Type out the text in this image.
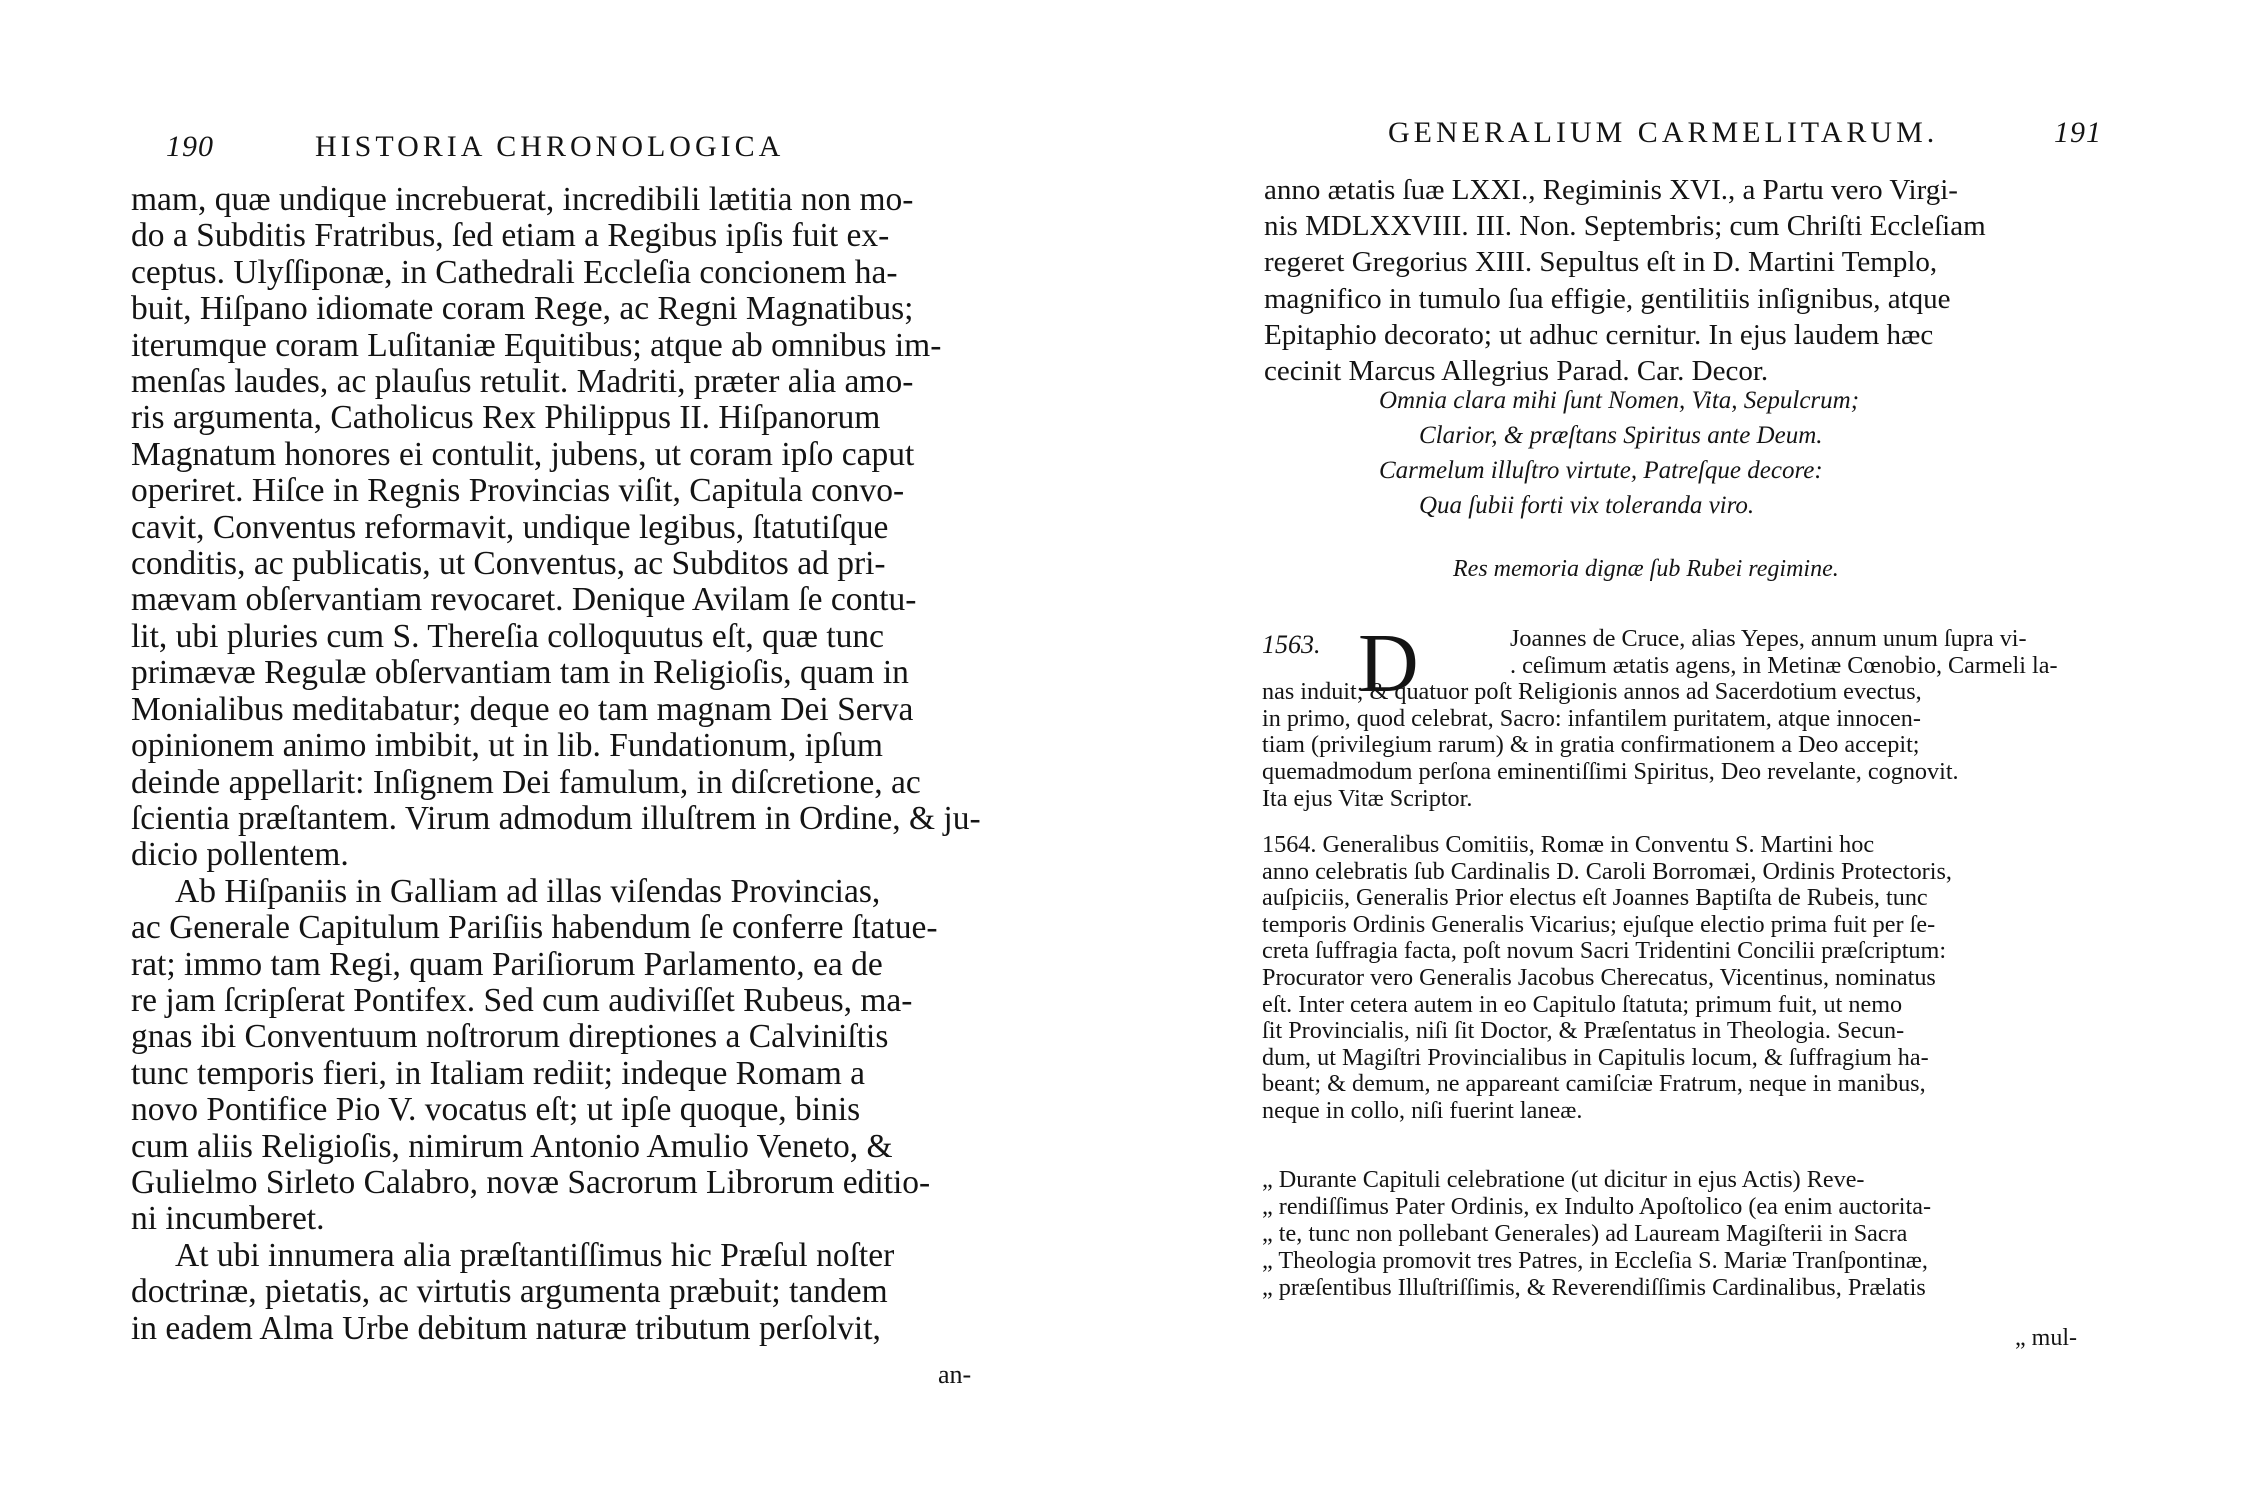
190	HISTORIA CHRONOLOGICA
mam, quæ undique increbuerat, incredibili lætitia non mo-
do a Subditis Fratribus, ſed etiam a Regibus ipſis fuit ex-
ceptus. Ulyſſiponæ, in Cathedrali Eccleſia concionem ha-
buit, Hiſpano idiomate coram Rege, ac Regni Magnatibus;
iterumque coram Luſitaniæ Equitibus; atque ab omnibus im-
menſas laudes, ac plauſus retulit. Madriti, præter alia amo-
ris argumenta, Catholicus Rex Philippus II. Hiſpanorum
Magnatum honores ei contulit, jubens, ut coram ipſo caput
operiret. Hiſce in Regnis Provincias viſit, Capitula convo-
cavit, Conventus reformavit, undique legibus, ſtatutiſque
conditis, ac publicatis, ut Conventus, ac Subditos ad pri-
mævam obſervantiam revocaret. Denique Avilam ſe contu-
lit, ubi pluries cum S. Thereſia colloquutus eſt, quæ tunc
primævæ Regulæ obſervantiam tam in Religioſis, quam in
Monialibus meditabatur; deque eo tam magnam Dei Serva
opinionem animo imbibit, ut in lib. Fundationum, ipſum
deinde appellarit: Inſignem Dei famulum, in diſcretione, ac
ſcientia præſtantem. Virum admodum illuſtrem in Ordine, & ju-
dicio pollentem.
Ab Hiſpaniis in Galliam ad illas viſendas Provincias,
ac Generale Capitulum Pariſiis habendum ſe conferre ſtatue-
rat; immo tam Regi, quam Pariſiorum Parlamento, ea de
re jam ſcripſerat Pontifex. Sed cum audiviſſet Rubeus, ma-
gnas ibi Conventuum noſtrorum direptiones a Calviniſtis
tunc temporis fieri, in Italiam rediit; indeque Romam a
novo Pontifice Pio V. vocatus eſt; ut ipſe quoque, binis
cum aliis Religioſis, nimirum Antonio Amulio Veneto, &
Gulielmo Sirleto Calabro, novæ Sacrorum Librorum editio-
ni incumberet.
At ubi innumera alia præſtantiſſimus hic Præſul noſter
doctrinæ, pietatis, ac virtutis argumenta præbuit; tandem
in eadem Alma Urbe debitum naturæ tributum perſolvit,
an-
GENERALIUM CARMELITARUM.	191
anno ætatis ſuæ LXXI., Regiminis XVI., a Partu vero Virgi-
nis MDLXXVIII. III. Non. Septembris; cum Chriſti Eccleſiam
regeret Gregorius XIII. Sepultus eſt in D. Martini Templo,
magnifico in tumulo ſua effigie, gentilitiis inſignibus, atque
Epitaphio decorato; ut adhuc cernitur. In ejus laudem hæc
cecinit Marcus Allegrius Parad. Car. Decor.
Omnia clara mihi ſunt Nomen, Vita, Sepulcrum;
Clarior, & præſtans Spiritus ante Deum.
Carmelum illuſtro virtute, Patreſque decore:
Qua ſubii forti vix toleranda viro.
Res memoria dignæ ſub Rubei regimine.
1563. D	Joannes de Cruce, alias Yepes, annum unum ſupra vi-
. ceſimum ætatis agens, in Metinæ Cœnobio, Carmeli la-
nas induit; & quatuor poſt Religionis annos ad Sacerdotium evectus,
in primo, quod celebrat, Sacro: infantilem puritatem, atque innocen-
tiam (privilegium rarum) & in gratia confirmationem a Deo accepit;
quemadmodum perſona eminentiſſimi Spiritus, Deo revelante, cognovit.
Ita ejus Vitæ Scriptor.
1564. Generalibus Comitiis, Romæ in Conventu S. Martini hoc
anno celebratis ſub Cardinalis D. Caroli Borromæi, Ordinis Protectoris,
auſpiciis, Generalis Prior electus eſt Joannes Baptiſta de Rubeis, tunc
temporis Ordinis Generalis Vicarius; ejuſque electio prima fuit per ſe-
creta ſuffragia facta, poſt novum Sacri Tridentini Concilii præſcriptum:
Procurator vero Generalis Jacobus Cherecatus, Vicentinus, nominatus
eſt. Inter cetera autem in eo Capitulo ſtatuta; primum fuit, ut nemo
ſit Provincialis, niſi ſit Doctor, & Præſentatus in Theologia. Secun-
dum, ut Magiſtri Provincialibus in Capitulis locum, & ſuffragium ha-
beant; & demum, ne appareant camiſciæ Fratrum, neque in manibus,
neque in collo, niſi fuerint laneæ.
„ Durante Capituli celebratione (ut dicitur in ejus Actis) Reve-
„ rendiſſimus Pater Ordinis, ex Indulto Apoſtolico (ea enim auctorita-
„ te, tunc non pollebant Generales) ad Lauream Magiſterii in Sacra
„ Theologia promovit tres Patres, in Eccleſia S. Mariæ Tranſpontinæ,
„ præſentibus Illuſtriſſimis, & Reverendiſſimis Cardinalibus, Prælatis
„ mul-
